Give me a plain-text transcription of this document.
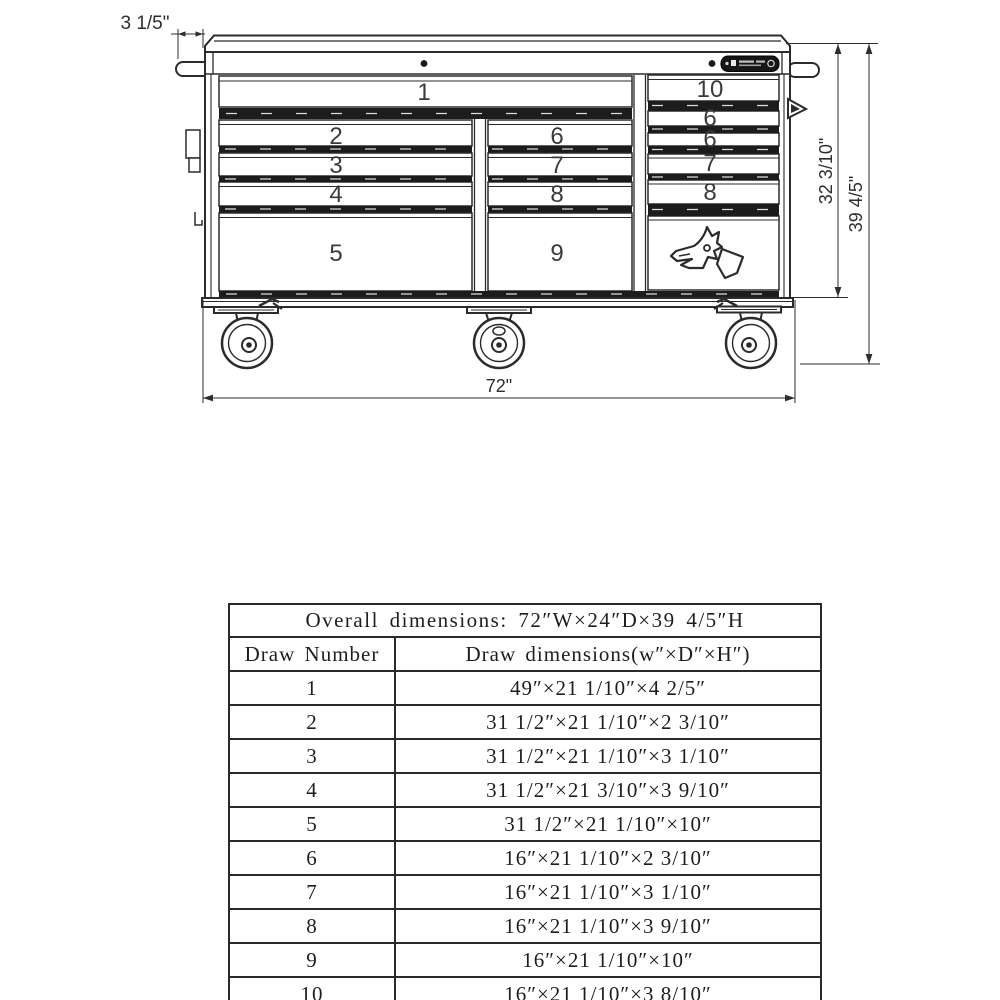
1
2
3
4
5
6
7
8
9
10
6
6
7
8
3 1/5"
32 3/10" 39 4/5"
72"
Overall dimensions: 72″W×24″D×39 4/5″H	
Draw Number	Draw dimensions(w″×D″×H″)
1	49″×21 1/10″×4 2/5″
2	31 1/2″×21 1/10″×2 3/10″
3	31 1/2″×21 1/10″×3 1/10″
4	31 1/2″×21 3/10″×3 9/10″
5	31 1/2″×21 1/10″×10″
6	16″×21 1/10″×2 3/10″
7	16″×21 1/10″×3 1/10″
8	16″×21 1/10″×3 9/10″
9	16″×21 1/10″×10″
10	16″×21 1/10″×3 8/10″
